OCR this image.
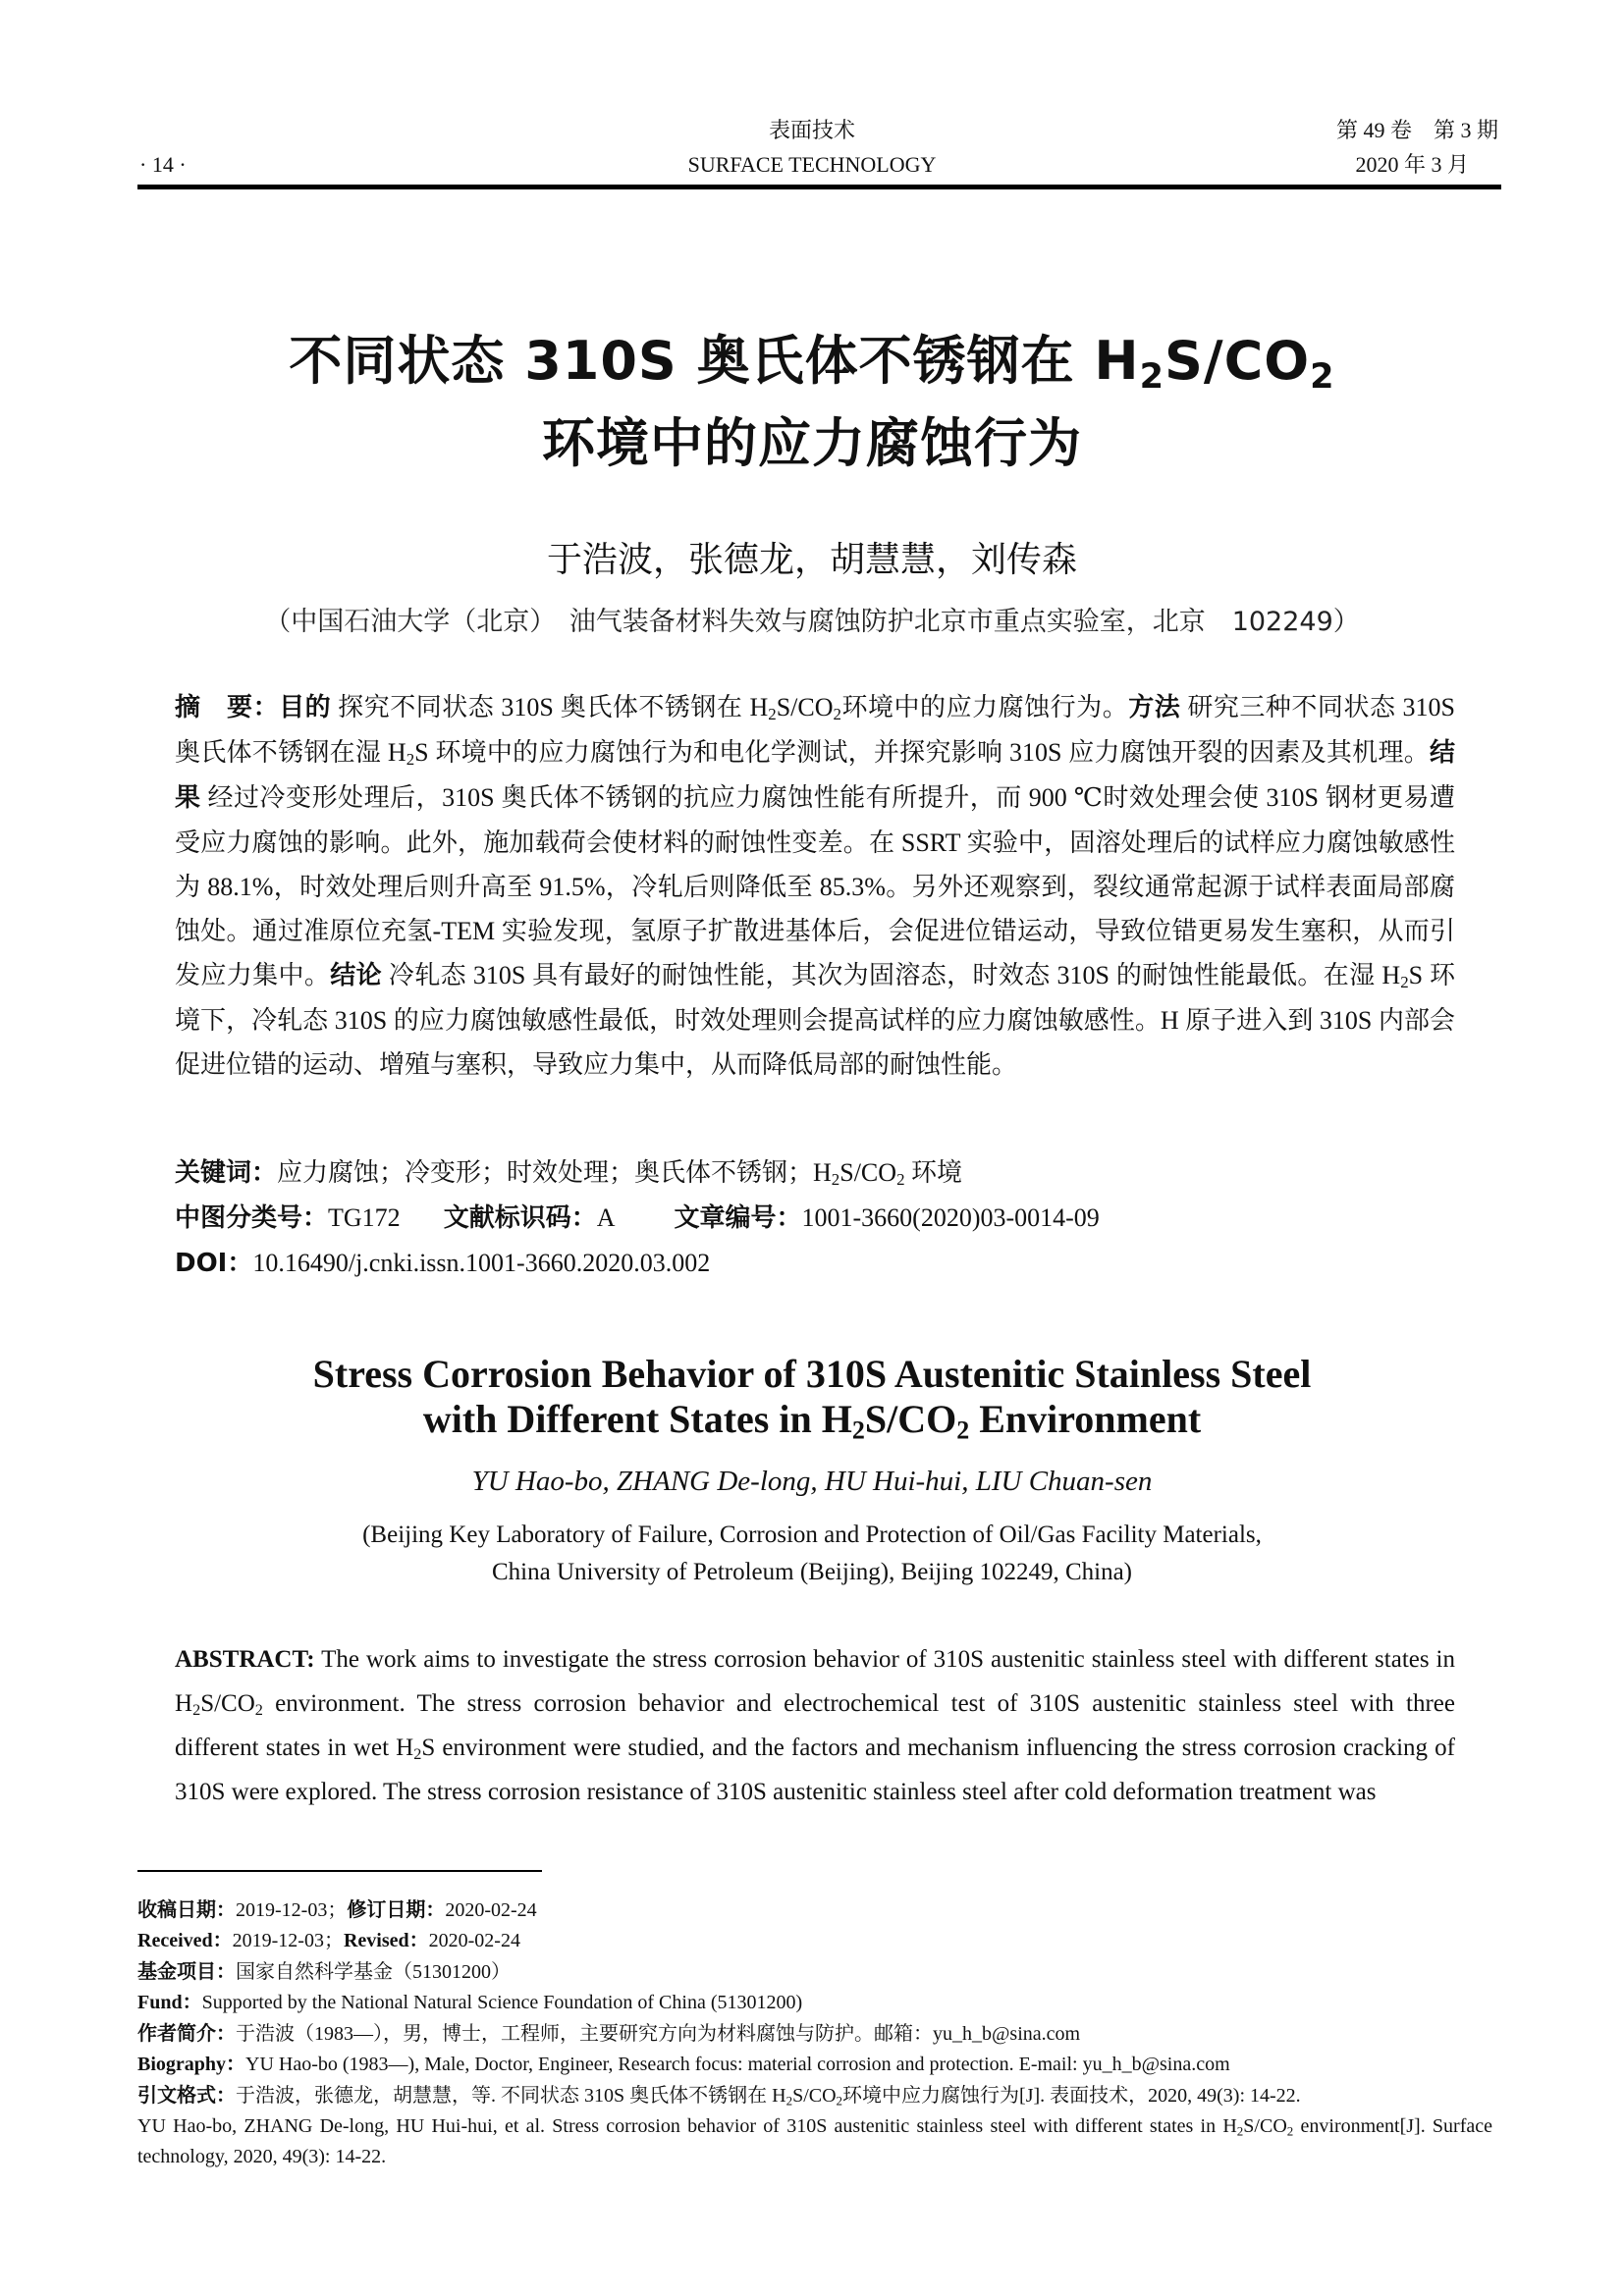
· 14 ·
表面技术
SURFACE TECHNOLOGY
第 49 卷　第 3 期
2020 年 3 月
不同状态 310S 奥氏体不锈钢在 $H_2S/CO_2$
环境中的应力腐蚀行为
于浩波，张德龙，胡慧慧，刘传森
（中国石油大学（北京）　油气装备材料失效与腐蚀防护北京市重点实验室，北京　102249）

摘　要：目的 探究不同状态 310S 奥氏体不锈钢在 $H_2S/CO_2$环境中的应力腐蚀行为。方法 研究三种不同状态 310S 奥氏体不锈钢在湿 $H_2S$ 环境中的应力腐蚀行为和电化学测试，并探究影响 310S 应力腐蚀开裂的因素及其机理。结果 经过冷变形处理后，310S 奥氏体不锈钢的抗应力腐蚀性能有所提升，而 900 ℃时效处理会使 310S 钢材更易遭受应力腐蚀的影响。此外，施加载荷会使材料的耐蚀性变差。在 SSRT 实验中，固溶处理后的试样应力腐蚀敏感性为 88.1%，时效处理后则升高至 91.5%，冷轧后则降低至 85.3%。另外还观察到，裂纹通常起源于试样表面局部腐蚀处。通过准原位充氢-TEM 实验发现，氢原子扩散进基体后，会促进位错运动，导致位错更易发生塞积，从而引发应力集中。结论 冷轧态 310S 具有最好的耐蚀性能，其次为固溶态，时效态 310S 的耐蚀性能最低。在湿 $H_2S$ 环境下，冷轧态 310S 的应力腐蚀敏感性最低，时效处理则会提高试样的应力腐蚀敏感性。H 原子进入到 310S 内部会促进位错的运动、增殖与塞积，导致应力集中，从而降低局部的耐蚀性能。

关键词：应力腐蚀；冷变形；时效处理；奥氏体不锈钢；$H_2S/CO_2$ 环境

中图分类号：TG172 文献标识码：A 文章编号：1001-3660(2020)03-0014-09

DOI：10.16490/j.cnki.issn.1001-3660.2020.03.002

Stress Corrosion Behavior of 310S Austenitic Stainless Steel
with Different States in $H_2S/CO_2$ Environment
YU Hao-bo, ZHANG De-long, HU Hui-hui, LIU Chuan-sen
(Beijing Key Laboratory of Failure, Corrosion and Protection of Oil/Gas Facility Materials,
China University of Petroleum (Beijing), Beijing 102249, China)

ABSTRACT: The work aims to investigate the stress corrosion behavior of 310S austenitic stainless steel with different states in $H_2S/CO_2$ environment. The stress corrosion behavior and electrochemical test of 310S austenitic stainless steel with three different states in wet $H_2S$ environment were studied, and the factors and mechanism influencing the stress corrosion cracking of 310S were explored. The stress corrosion resistance of 310S austenitic stainless steel after cold deformation treatment was

收稿日期：2019-12-03；修订日期：2020-02-24

Received：2019-12-03；Revised：2020-02-24

基金项目：国家自然科学基金（51301200）

Fund：Supported by the National Natural Science Foundation of China (51301200)

作者简介：于浩波（1983—），男，博士，工程师，主要研究方向为材料腐蚀与防护。邮箱：yu_h_b@sina.com

Biography：YU Hao-bo (1983—), Male, Doctor, Engineer, Research focus: material corrosion and protection. E-mail: yu_h_b@sina.com

引文格式：于浩波，张德龙，胡慧慧，等. 不同状态 310S 奥氏体不锈钢在 $H_2S/CO_2$环境中应力腐蚀行为[J]. 表面技术，2020, 49(3): 14-22.

YU Hao-bo, ZHANG De-long, HU Hui-hui, et al. Stress corrosion behavior of 310S austenitic stainless steel with different states in $H_2S/CO_2$ environment[J]. Surface technology, 2020, 49(3): 14-22.
